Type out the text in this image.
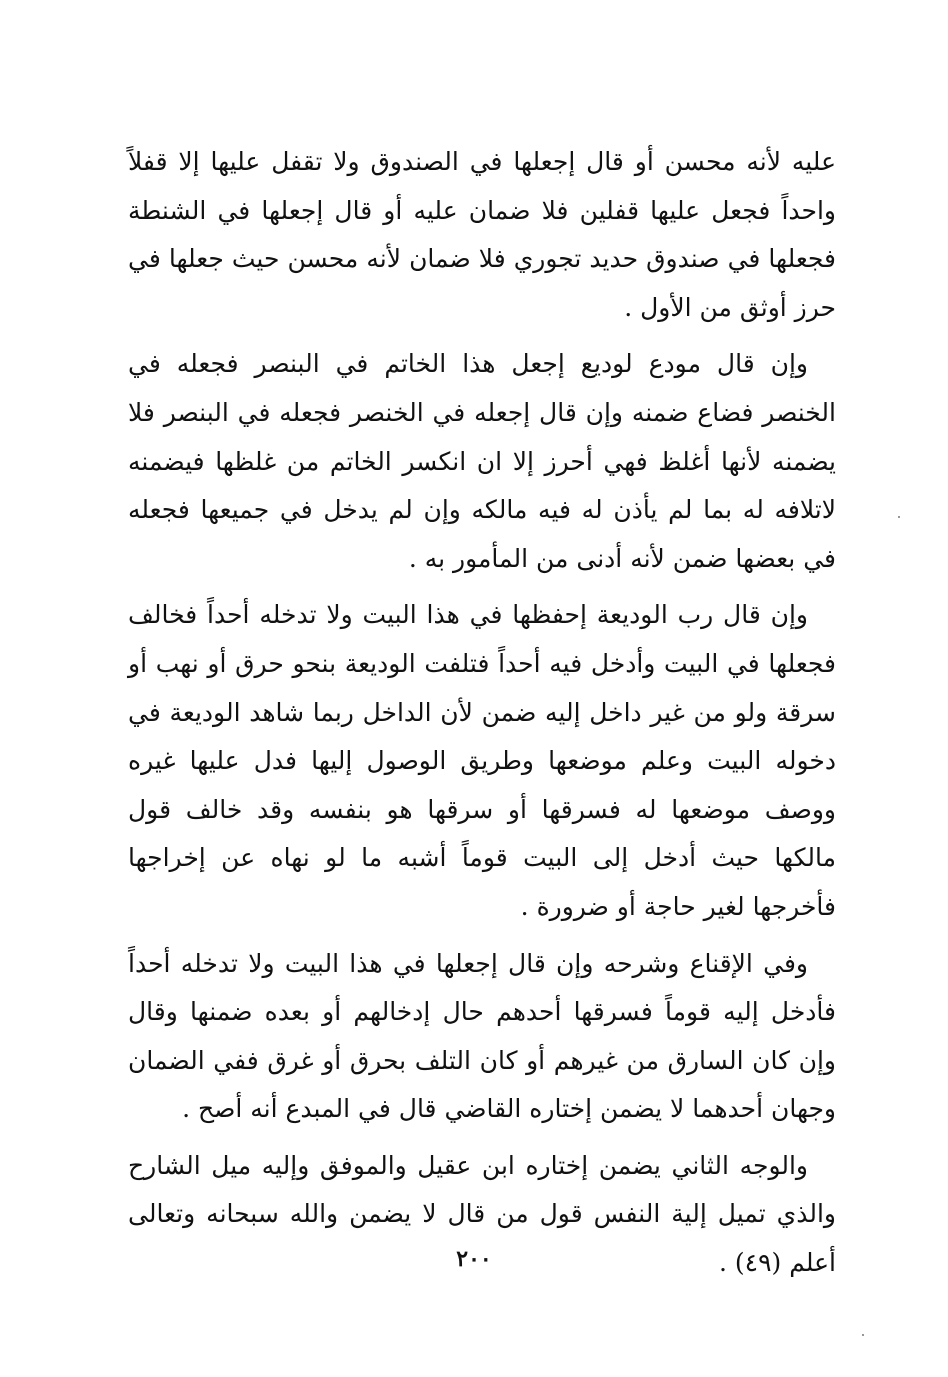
عليه لأنه محسن أو قال إجعلها في الصندوق ولا تقفل عليها إلا قفلاً واحداً فجعل عليها قفلين فلا ضمان عليه أو قال إجعلها في الشنطة فجعلها في صندوق حديد تجوري فلا ضمان لأنه محسن حيث جعلها في حرز أوثق من الأول .

وإن قال مودع لوديع إجعل هذا الخاتم في البنصر فجعله في الخنصر فضاع ضمنه وإن قال إجعله في الخنصر فجعله في البنصر فلا يضمنه لأنها أغلظ فهي أحرز إلا ان انكسر الخاتم من غلظها فيضمنه لاتلافه له بما لم يأذن له فيه مالكه وإن لم يدخل في جميعها فجعله في بعضها ضمن لأنه أدنى من المأمور به .

وإن قال رب الوديعة إحفظها في هذا البيت ولا تدخله أحداً فخالف فجعلها في البيت وأدخل فيه أحداً فتلفت الوديعة بنحو حرق أو نهب أو سرقة ولو من غير داخل إليه ضمن لأن الداخل ربما شاهد الوديعة في دخوله البيت وعلم موضعها وطريق الوصول إليها فدل عليها غيره ووصف موضعها له فسرقها أو سرقها هو بنفسه وقد خالف قول مالكها حيث أدخل إلى البيت قوماً أشبه ما لو نهاه عن إخراجها فأخرجها لغير حاجة أو ضرورة .

وفي الإقناع وشرحه وإن قال إجعلها في هذا البيت ولا تدخله أحداً فأدخل إليه قوماً فسرقها أحدهم حال إدخالهم أو بعده ضمنها وقال وإن كان السارق من غيرهم أو كان التلف بحرق أو غرق ففي الضمان وجهان أحدهما لا يضمن إختاره القاضي قال في المبدع أنه أصح .

والوجه الثاني يضمن إختاره ابن عقيل والموفق وإليه ميل الشارح والذي تميل إلية النفس قول من قال لا يضمن والله سبحانه وتعالى أعلم (٤٩) .

٢٠٠
